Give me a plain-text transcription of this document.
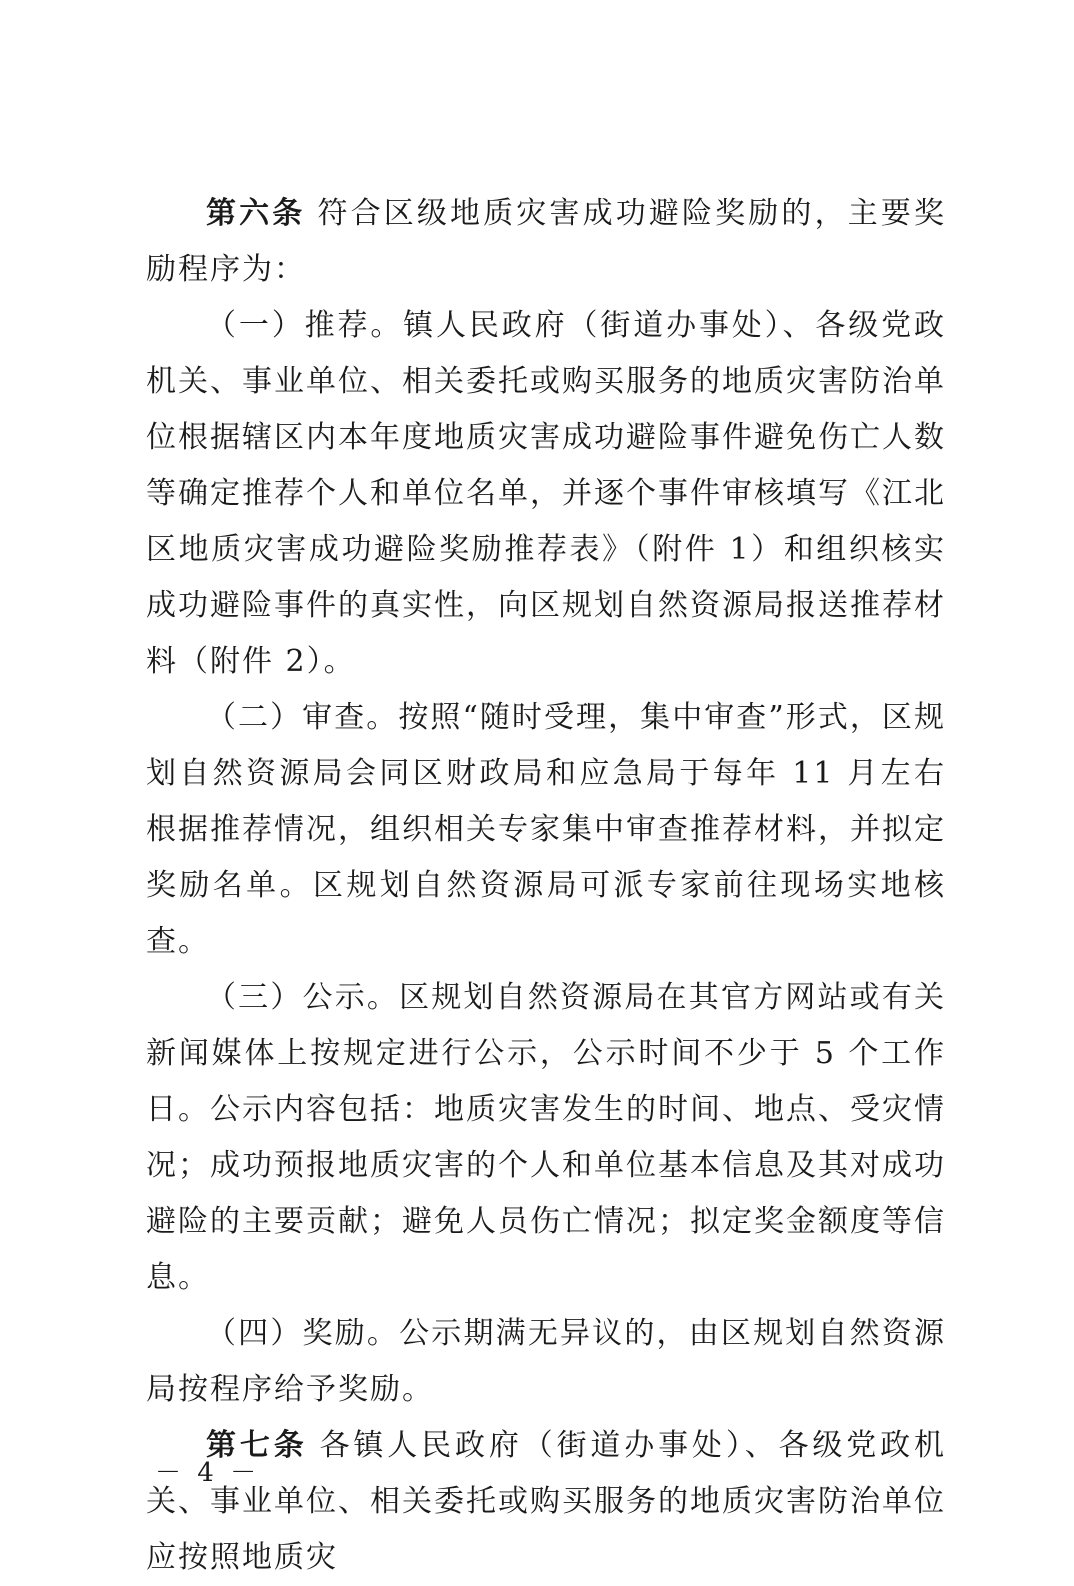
第六条 符合区级地质灾害成功避险奖励的，主要奖励程序为：

（一）推荐。镇人民政府（街道办事处）、各级党政机关、事业单位、相关委托或购买服务的地质灾害防治单位根据辖区内本年度地质灾害成功避险事件避免伤亡人数等确定推荐个人和单位名单，并逐个事件审核填写《江北区地质灾害成功避险奖励推荐表》（附件 1）和组织核实成功避险事件的真实性，向区规划自然资源局报送推荐材料（附件 2）。

（二）审查。按照“随时受理，集中审查”形式，区规划自然资源局会同区财政局和应急局于每年 11 月左右根据推荐情况，组织相关专家集中审查推荐材料，并拟定奖励名单。区规划自然资源局可派专家前往现场实地核查。

（三）公示。区规划自然资源局在其官方网站或有关新闻媒体上按规定进行公示，公示时间不少于 5 个工作日。公示内容包括：地质灾害发生的时间、地点、受灾情况；成功预报地质灾害的个人和单位基本信息及其对成功避险的主要贡献；避免人员伤亡情况；拟定奖金额度等信息。

（四）奖励。公示期满无异议的，由区规划自然资源局按程序给予奖励。

第七条 各镇人民政府（街道办事处）、各级党政机关、事业单位、相关委托或购买服务的地质灾害防治单位应按照地质灾

－ 4 －
